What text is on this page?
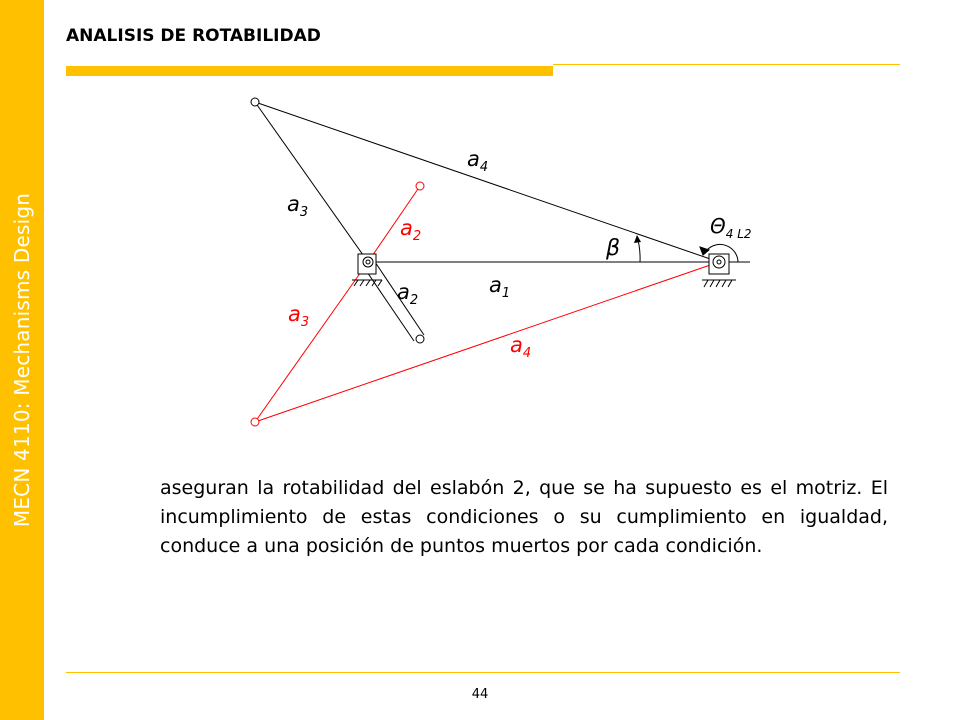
MECN 4110: Mechanisms Design
ANALISIS DE ROTABILIDAD
$a_4$
$a_3$
$a_2$	β
$\Theta_{4 L2}$
$a_1$
$a_2$
$a_3$
$a_4$
aseguran la rotabilidad del eslabón 2, que se ha supuesto es el motriz. El incumplimiento de estas condiciones o su cumplimiento en igualdad, conduce a una posición de puntos muertos por cada condición.
44
